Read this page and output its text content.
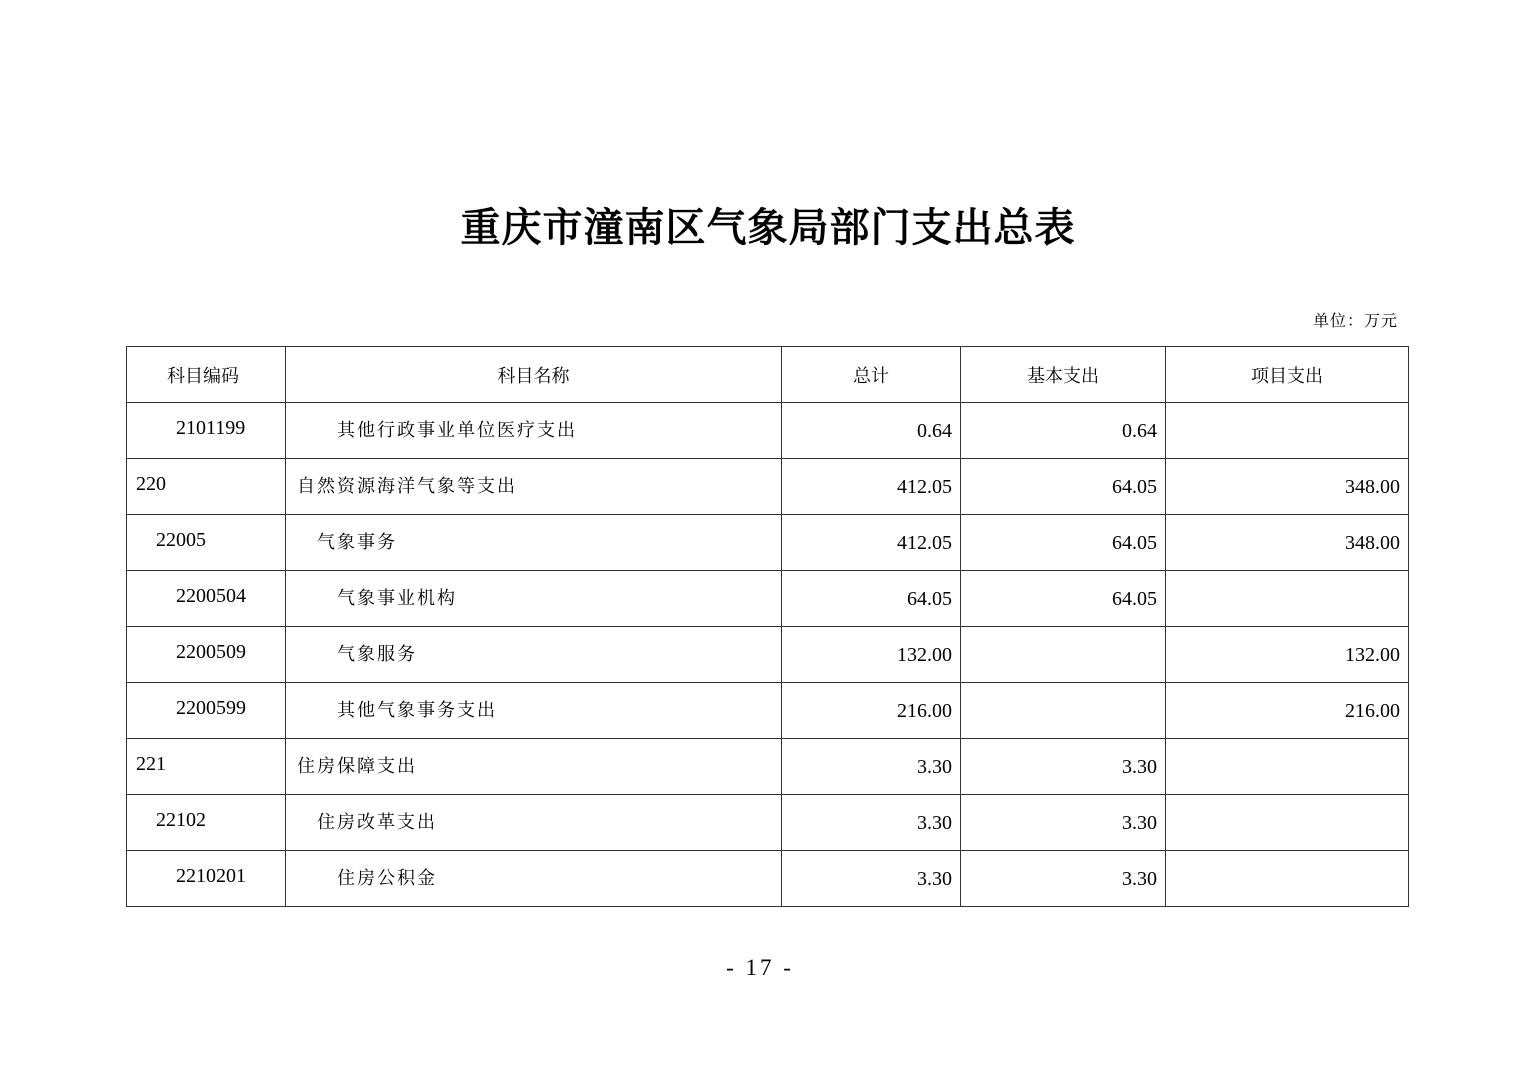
重庆市潼南区气象局部门支出总表
单位：万元
科目编码	科目名称	总计	基本支出	项目支出
2101199	其他行政事业单位医疗支出	0.64	0.64	
220	自然资源海洋气象等支出	412.05	64.05	348.00
22005	气象事务	412.05	64.05	348.00
2200504	气象事业机构	64.05	64.05	
2200509	气象服务	132.00		132.00
2200599	其他气象事务支出	216.00		216.00
221	住房保障支出	3.30	3.30	
22102	住房改革支出	3.30	3.30	
2210201	住房公积金	3.30	3.30	
- 17 -
